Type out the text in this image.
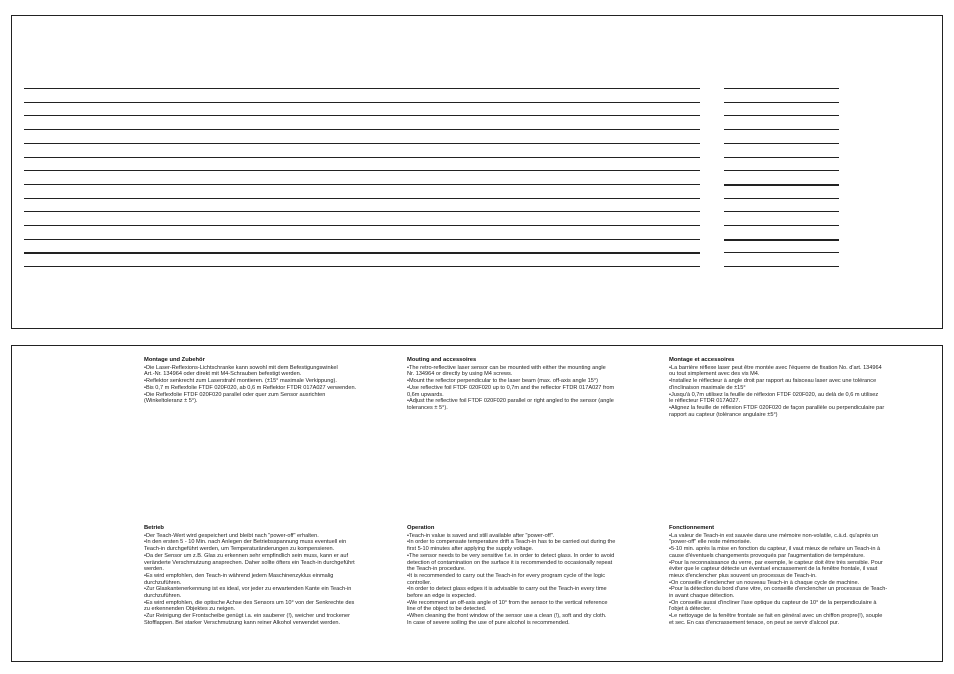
Montage und Zubehör

•Die Laser-Reflexions-Lichtschranke kann sowohl mit dem Befestigungswinkel
Art.-Nr. 134964 oder direkt mit M4-Schrauben befestigt werden.
•Reflektor senkrecht zum Laserstrahl montieren. (±15° maximale Verkippung).
•Bis 0,7 m Reflexfolie FTDF 020F020, ab 0,6 m Reflektor FTDR 017A027 verwenden.
•Die Reflexfolie FTDF 020F020 parallel oder quer zum Sensor ausrichten
(Winkeltoleranz ± 5°).

Mouting and accessoires

•The retro-reflective laser sensor can be mounted with either the mounting angle
Nr. 134964 or directly by using M4 screws.
•Mount the reflector perpendicular to the laser beam (max. off-axis angle 15°)
•Use reflective foil FTDF 020F020 up to 0,7m and the reflector FTDR 017A027 from
0,6m upwards.
•Adjust the reflective foil FTDF 020F020 parallel or right angled to the sensor (angle
tolerances ± 5°).

Montage et accessoires

•La barrière réflexe laser peut être montée avec l'équerre de fixation No. d'art. 134964
ou tout simplement avec des vis M4.
•Installez le réflecteur à angle droit par rapport au faisceau laser avec une tolérance
d'inclinaison maximale de ±15°
•Jusqu'à 0,7m utilisez la feuille de réflexion FTDF 020F020, au delà de 0,6 m utilisez
le réflecteur FTDR 017A027.
•Alignez la feuille de réflexion FTDF 020F020 de façon parallèle ou perpendiculaire par
rapport au capteur (tolérance angulaire ±5°)

Betrieb

•Der Teach-Wert wird gespeichert und bleibt nach "power-off" erhalten.
•In den ersten 5 - 10 Min. nach Anlegen der Betriebsspannung muss eventuell ein
Teach-in durchgeführt werden, um Temperaturänderungen zu kompensieren.
•Da der Sensor um z.B. Glas zu erkennen sehr empfindlich sein muss, kann er auf
veränderte Verschmutzung ansprechen. Daher sollte öfters ein Teach-in durchgeführt
werden.
•Es wird empfohlen, den Teach-in während jedem Maschinenzyklus einmalig
durchzuführen.
•Zur Glaskantenerkennung ist es ideal, vor jeder zu erwartenden Kante ein Teach-in
durchzuführen.
•Es wird empfohlen, die optische Achse des Sensors um 10° von der Senkrechte des
zu erkennenden Objektes zu neigen.
•Zur Reinigung der Frontscheibe genügt i.a. ein sauberer (!), weicher und trockener
Stofflappen. Bei starker Verschmutzung kann reiner Alkohol verwendet werden.

Operation

•Teach-in value is saved and still available after "power-off".
•In order to compensate temperature drift a Teach-in has to be carried out during the
first 5-10 minutes after applying the supply voltage.
•The sensor needs to be very sensitive f.e. in order to detect glass. In order to avoid
detection of contamination on the surface it is recommended to occasionally repeat
the Teach-in procedure.
•It is recommended to carry out the Teach-in for every program cycle of the logic
controller.
•In order to detect glass edges it is advisable to carry out the Teach-in every time
before an edge is expected.
•We recommend an off-axis angle of 10° from the sensor to the vertical reference
line of the object to be detected.
•When cleaning the front window of the sensor use a clean (!), soft and dry cloth.
In case of severe soiling the use of pure alcohol is recommended.

Fonctionnement

•La valeur de Teach-in est sauvée dans une mémoire non-volatile, c.à.d. qu'après un
"power-off" elle reste mémorisée.
•5-10 min. après la mise en fonction du capteur, il vaut mieux de refaire un Teach-in à
cause d'éventuels changements provoqués par l'augmentation de température.
•Pour la reconnaissance du verre, par exemple, le capteur doit être très sensible. Pour
éviter que le capteur détecte un éventuel encrassement de la fenêtre frontale, il vaut
mieux d'enclencher plus souvent un processus de Teach-in.
•On conseille d'enclencher un nouveau Teach-in à chaque cycle de machine.
•Pour la détection du bord d'une vitre, on conseille d'enclencher un processus de Teach-
in avant chaque détection.
•On conseille aussi d'incliner l'axe optique du capteur de 10° de la perpendiculaire à
l'objet à détecter.
•Le nettoyage de la fenêtre frontale se fait en général avec un chiffon propre(!), souple
et sec. En cas d'encrassement tenace, on peut se servir d'alcool pur.
